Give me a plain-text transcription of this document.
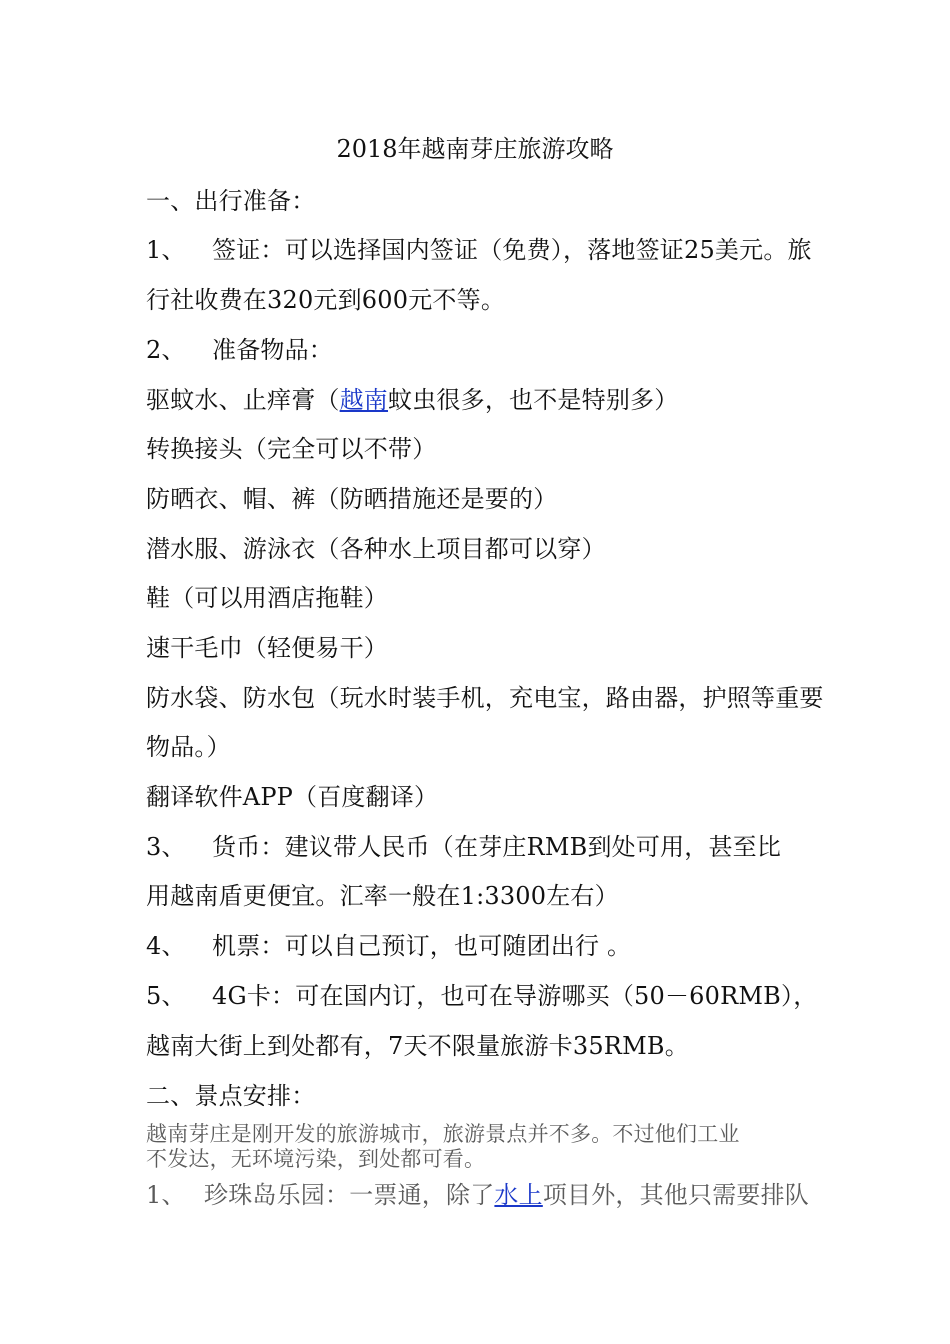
2018年越南芽庄旅游攻略
一、出行准备：
1、 签证：可以选择国内签证（免费），落地签证25美元。旅
行社收费在320元到600元不等。
2、 准备物品：
驱蚊水、止痒膏（越南蚊虫很多，也不是特别多）
转换接头（完全可以不带）
防晒衣、帽、裤（防晒措施还是要的）
潜水服、游泳衣（各种水上项目都可以穿）
鞋（可以用酒店拖鞋）
速干毛巾（轻便易干）
防水袋、防水包（玩水时装手机，充电宝，路由器，护照等重要
物品。）
翻译软件APP（百度翻译）
3、 货币：建议带人民币（在芽庄RMB到处可用，甚至比
用越南盾更便宜。汇率一般在1:3300左右）
4、 机票：可以自己预订，也可随团出行 。
5、 4G卡：可在国内订，也可在导游哪买（50－60RMB），
越南大街上到处都有，7天不限量旅游卡35RMB。
二、景点安排：
越南芽庄是刚开发的旅游城市，旅游景点并不多。不过他们工业
不发达，无环境污染，到处都可看。
1、 珍珠岛乐园：一票通，除了水上项目外，其他只需要排队
